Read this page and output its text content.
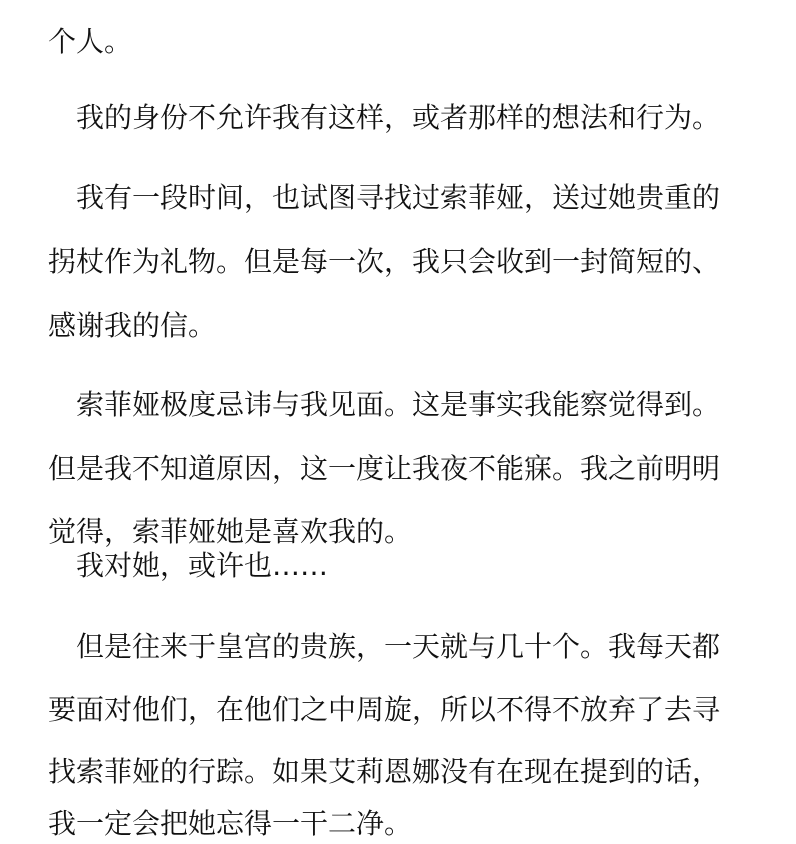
个人。
我的身份不允许我有这样，或者那样的想法和行为。
我有一段时间，也试图寻找过索菲娅，送过她贵重的
拐杖作为礼物。但是每一次，我只会收到一封简短的、
感谢我的信。
索菲娅极度忌讳与我见面。这是事实我能察觉得到。
但是我不知道原因，这一度让我夜不能寐。我之前明明
觉得，索菲娅她是喜欢我的。
我对她，或许也……
但是往来于皇宫的贵族，一天就与几十个。我每天都
要面对他们，在他们之中周旋，所以不得不放弃了去寻
找索菲娅的行踪。如果艾莉恩娜没有在现在提到的话，
我一定会把她忘得一干二净。
